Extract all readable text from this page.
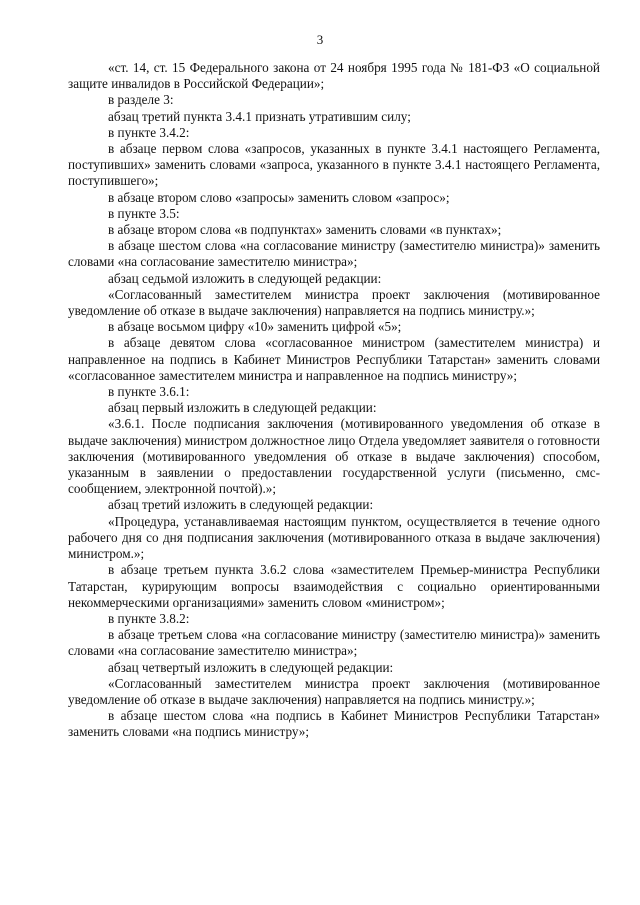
3

«ст. 14, ст. 15 Федерального закона от 24 ноября 1995 года № 181-ФЗ «О социальной защите инвалидов в Российской Федерации»;

в разделе 3:

абзац третий пункта 3.4.1 признать утратившим силу;

в пункте 3.4.2:

в абзаце первом слова «запросов, указанных в пункте 3.4.1 настоящего Регламента, поступивших» заменить словами «запроса, указанного в пункте 3.4.1 настоящего Регламента, поступившего»;

в абзаце втором слово «запросы» заменить словом «запрос»;

в пункте 3.5:

в абзаце втором слова «в подпунктах» заменить словами «в пунктах»;

в абзаце шестом слова «на согласование министру (заместителю министра)» заменить словами «на согласование заместителю министра»;

абзац седьмой изложить в следующей редакции:

«Согласованный заместителем министра проект заключения (мотивированное уведомление об отказе в выдаче заключения) направляется на подпись министру.»;

в абзаце восьмом цифру «10» заменить цифрой «5»;

в абзаце девятом слова «согласованное министром (заместителем министра) и направленное на подпись в Кабинет Министров Республики Татарстан» заменить словами «согласованное заместителем министра и направленное на подпись министру»;

в пункте 3.6.1:

абзац первый изложить в следующей редакции:

«3.6.1. После подписания заключения (мотивированного уведомления об отказе в выдаче заключения) министром должностное лицо Отдела уведомляет заявителя о готовности заключения (мотивированного уведомления об отказе в выдаче заключения) способом, указанным в заявлении о предоставлении государственной услуги (письменно, смс-сообщением, электронной почтой).»;

абзац третий изложить в следующей редакции:

«Процедура, устанавливаемая настоящим пунктом, осуществляется в течение одного рабочего дня со дня подписания заключения (мотивированного отказа в выдаче заключения) министром.»;

в абзаце третьем пункта 3.6.2 слова «заместителем Премьер-министра Республики Татарстан, курирующим вопросы взаимодействия с социально ориентированными некоммерческими организациями» заменить словом «министром»;

в пункте 3.8.2:

в абзаце третьем слова «на согласование министру (заместителю министра)» заменить словами «на согласование заместителю министра»;

абзац четвертый изложить в следующей редакции:

«Согласованный заместителем министра проект заключения (мотивированное уведомление об отказе в выдаче заключения) направляется на подпись министру.»;

в абзаце шестом слова «на подпись в Кабинет Министров Республики Татарстан» заменить словами «на подпись министру»;
